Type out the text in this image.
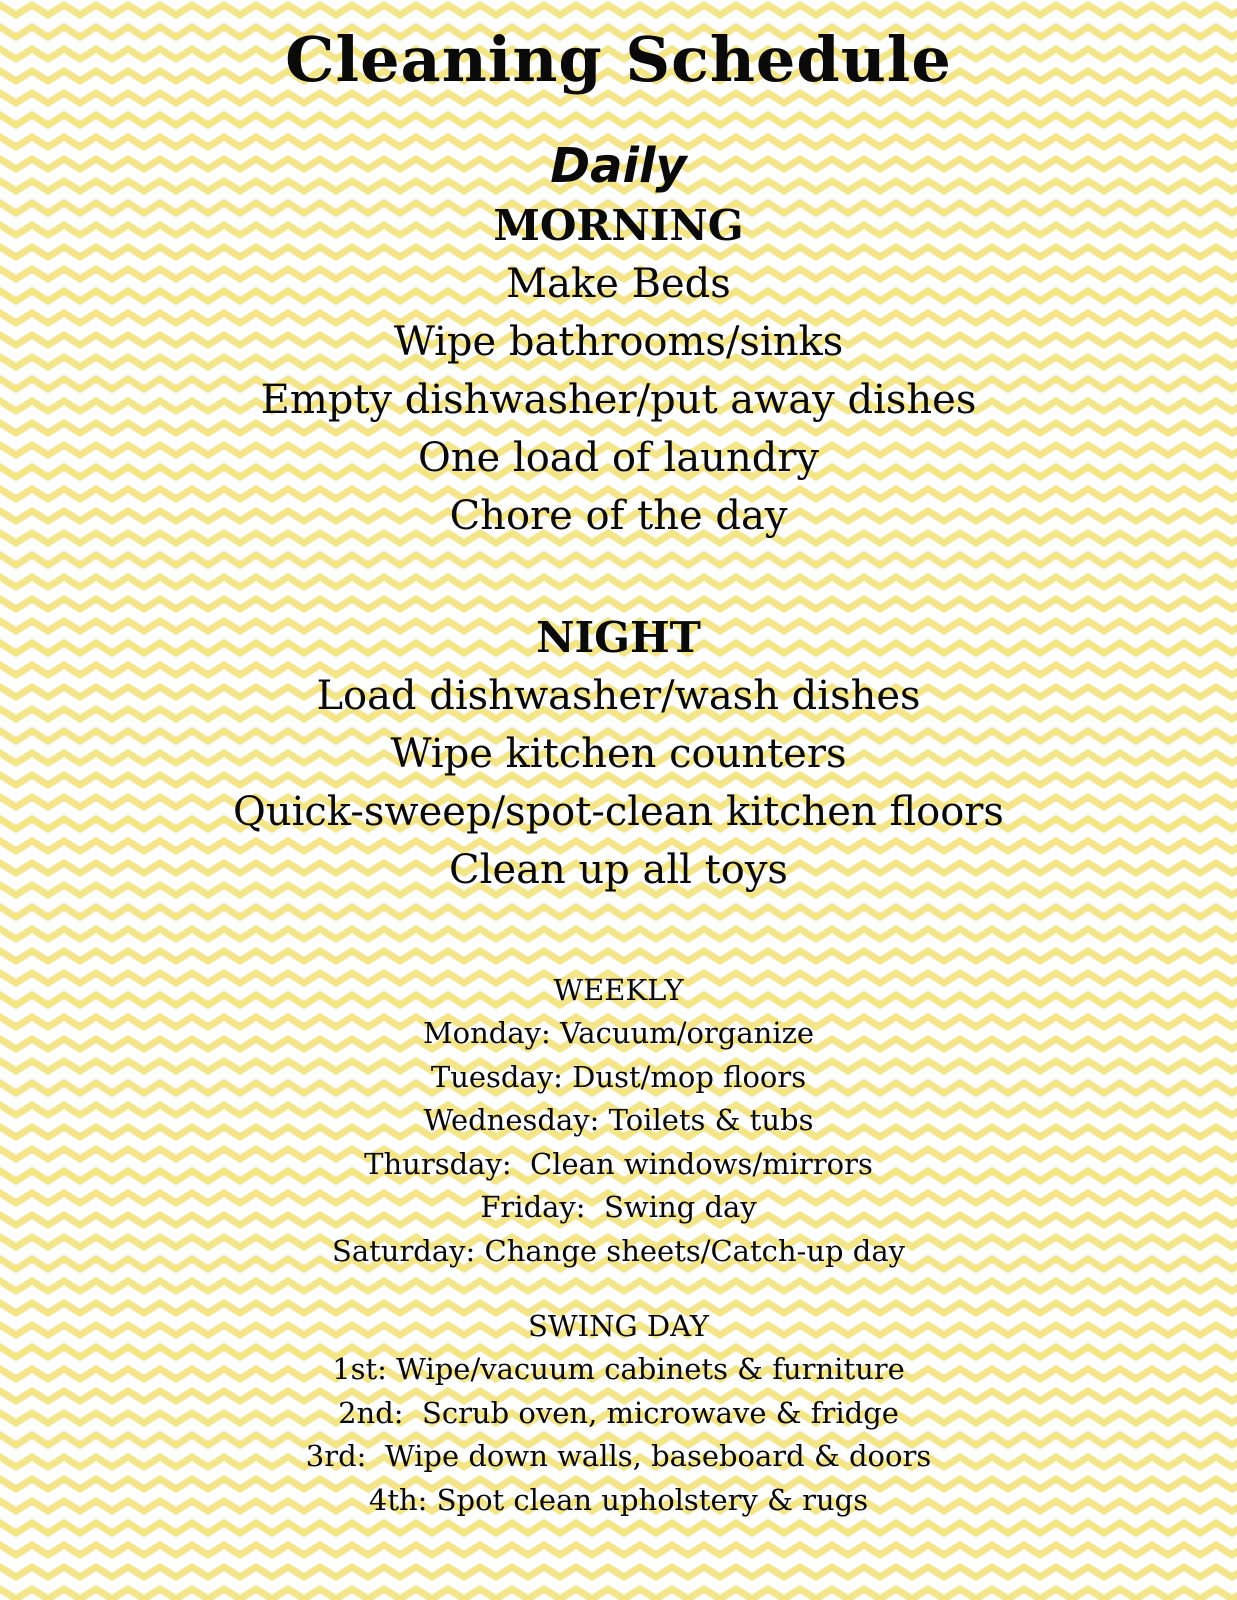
Cleaning Schedule
Daily
MORNING
Make Beds
Wipe bathrooms/sinks
Empty dishwasher/put away dishes
One load of laundry
Chore of the day
NIGHT
Load dishwasher/wash dishes
Wipe kitchen counters
Quick-sweep/spot-clean kitchen floors
Clean up all toys
WEEKLY
Monday: Vacuum/organize
Tuesday: Dust/mop floors
Wednesday: Toilets & tubs
Thursday:  Clean windows/mirrors
Friday:  Swing day
Saturday: Change sheets/Catch-up day
SWING DAY
1st: Wipe/vacuum cabinets & furniture
2nd:  Scrub oven, microwave & fridge
3rd:  Wipe down walls, baseboard & doors
4th: Spot clean upholstery & rugs
